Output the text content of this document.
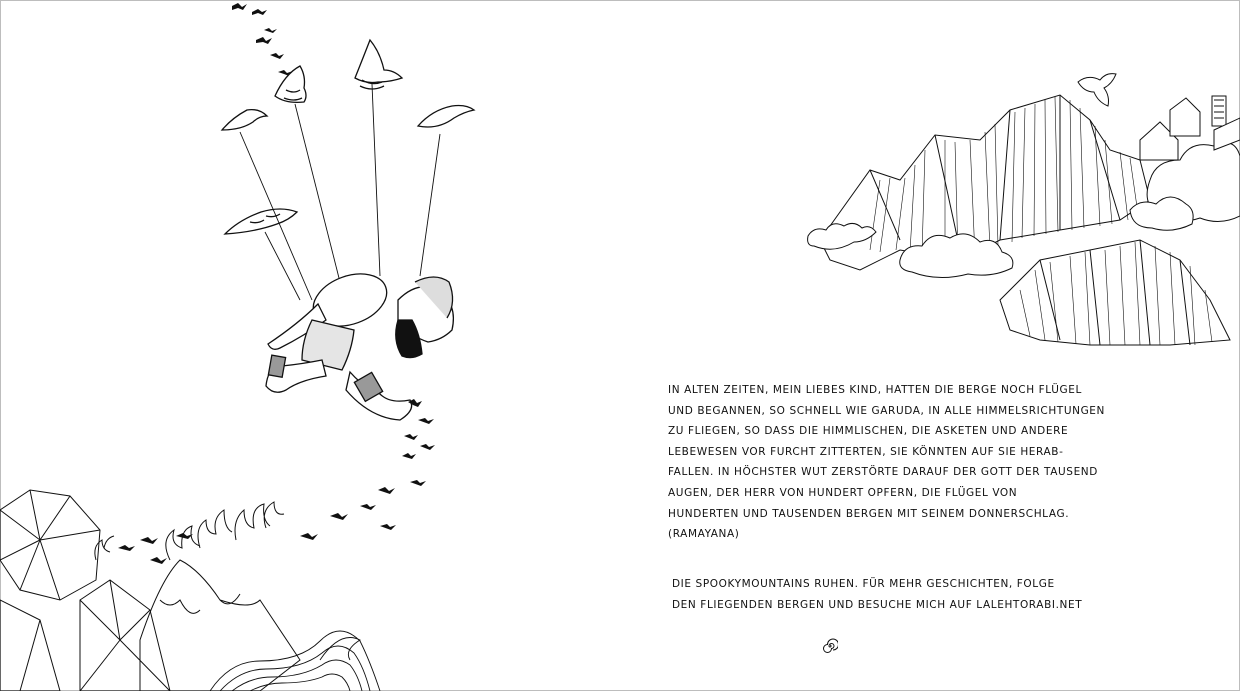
IN ALTEN ZEITEN, MEIN LIEBES KIND, HATTEN DIE BERGE NOCH FLÜGEL
UND BEGANNEN, SO SCHNELL WIE GARUDA, IN ALLE HIMMELSRICHTUNGEN
ZU FLIEGEN, SO DASS DIE HIMMLISCHEN, DIE ASKETEN UND ANDERE
LEBEWESEN VOR FURCHT ZITTERTEN, SIE KÖNNTEN AUF SIE HERAB-
FALLEN. IN HÖCHSTER WUT ZERSTÖRTE DARAUF DER GOTT DER TAUSEND
AUGEN, DER HERR VON HUNDERT OPFERN, DIE FLÜGEL VON
HUNDERTEN UND TAUSENDEN BERGEN MIT SEINEM DONNERSCHLAG.
(RAMAYANA)
DIE SPOOKYMOUNTAINS RUHEN. FÜR MEHR GESCHICHTEN, FOLGE
DEN FLIEGENDEN BERGEN UND BESUCHE MICH AUF LALEHTORABI.NET
